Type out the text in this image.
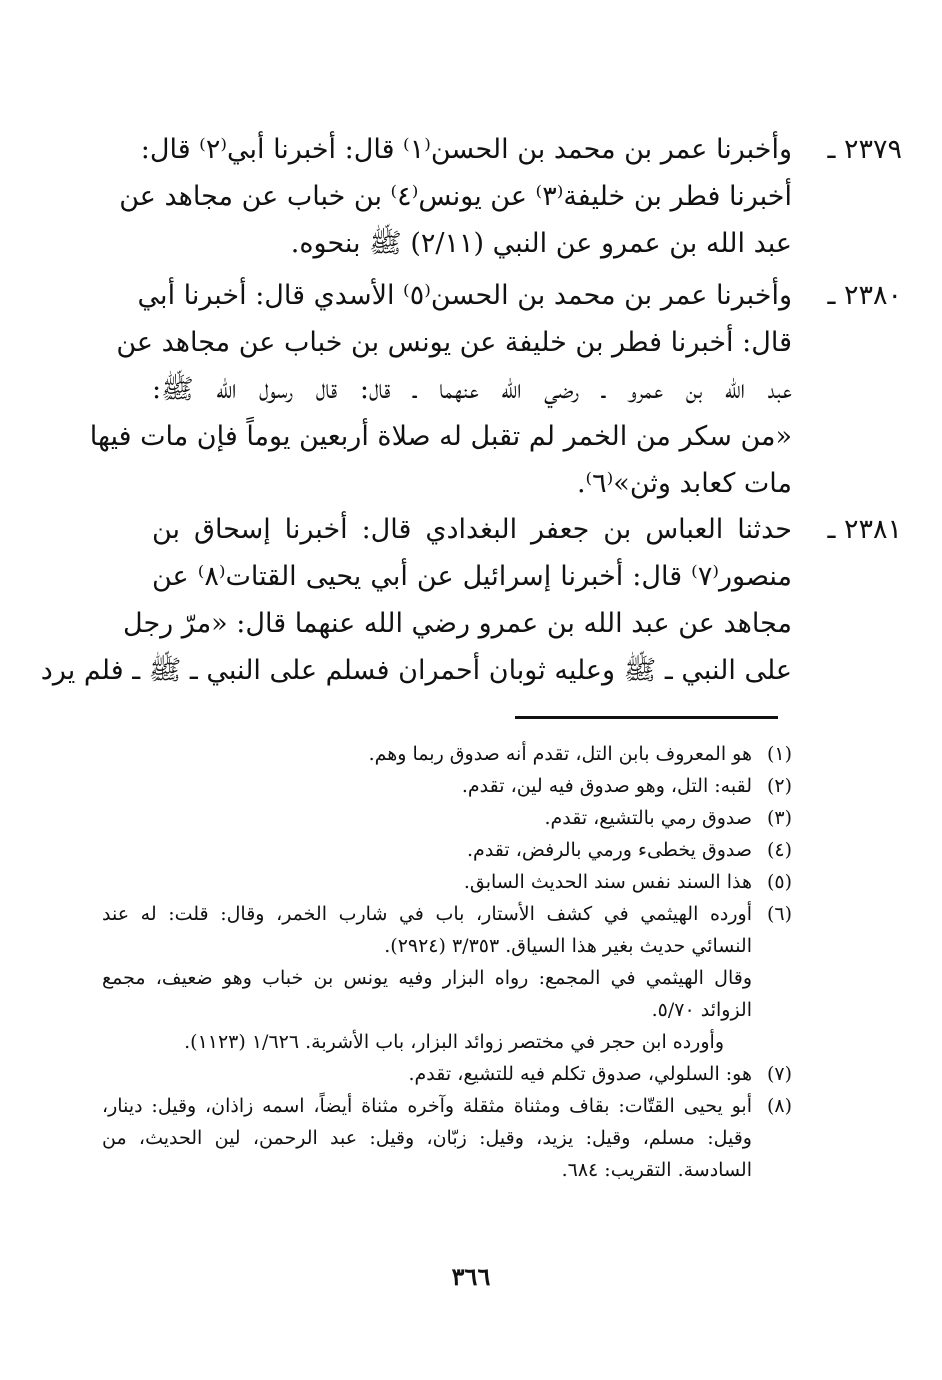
٢٣٧٩ ـ
وأخبرنا عمر بن محمد بن الحسن⁽١⁾ قال: أخبرنا أبي⁽٢⁾ قال:
أخبرنا فطر بن خليفة⁽٣⁾ عن يونس⁽٤⁾ بن خباب عن مجاهد عن
عبد الله بن عمرو عن النبي (٢/١١) ﷺ بنحوه.
٢٣٨٠ ـ
وأخبرنا عمر بن محمد بن الحسن⁽٥⁾ الأسدي قال: أخبرنا أبي
قال: أخبرنا فطر بن خليفة عن يونس بن خباب عن مجاهد عن
عبد الله بن عمرو ـ رضي الله عنهما ـ قال: قال رسول الله ﷺ:
«من سكر من الخمر لم تقبل له صلاة أربعين يوماً فإن مات فيها
مات كعابد وثن»⁽٦⁾.
٢٣٨١ ـ
حدثنا العباس بن جعفر البغدادي قال: أخبرنا إسحاق بن
منصور⁽٧⁾ قال: أخبرنا إسرائيل عن أبي يحيى القتات⁽٨⁾ عن
مجاهد عن عبد الله بن عمرو رضي الله عنهما قال: «مرّ رجل
على النبي ـ ﷺ وعليه ثوبان أحمران فسلم على النبي ـ ﷺ ـ فلم يرد
(١)
هو المعروف بابن التل، تقدم أنه صدوق ربما وهم.
(٢)
لقبه: التل، وهو صدوق فيه لين، تقدم.
(٣)
صدوق رمي بالتشيع، تقدم.
(٤)
صدوق يخطىء ورمي بالرفض، تقدم.
(٥)
هذا السند نفس سند الحديث السابق.
(٦)
أورده الهيثمي في كشف الأستار، باب في شارب الخمر، وقال: قلت: له عند
النسائي حديث بغير هذا السياق. ٣/٣٥٣ (٢٩٢٤).
وقال الهيثمي في المجمع: رواه البزار وفيه يونس بن خباب وهو ضعيف، مجمع
الزوائد ٥/٧٠.
وأورده ابن حجر في مختصر زوائد البزار، باب الأشربة. ١/٦٢٦ (١١٢٣).
(٧)
هو: السلولي، صدوق تكلم فيه للتشيع، تقدم.
(٨)
أبو يحيى القتّات: بقاف ومثناة مثقلة وآخره مثناة أيضاً، اسمه زاذان، وقيل: دينار،
وقيل: مسلم، وقيل: يزيد، وقيل: زبّان، وقيل: عبد الرحمن، لين الحديث، من
السادسة. التقريب: ٦٨٤.
٣٦٦
